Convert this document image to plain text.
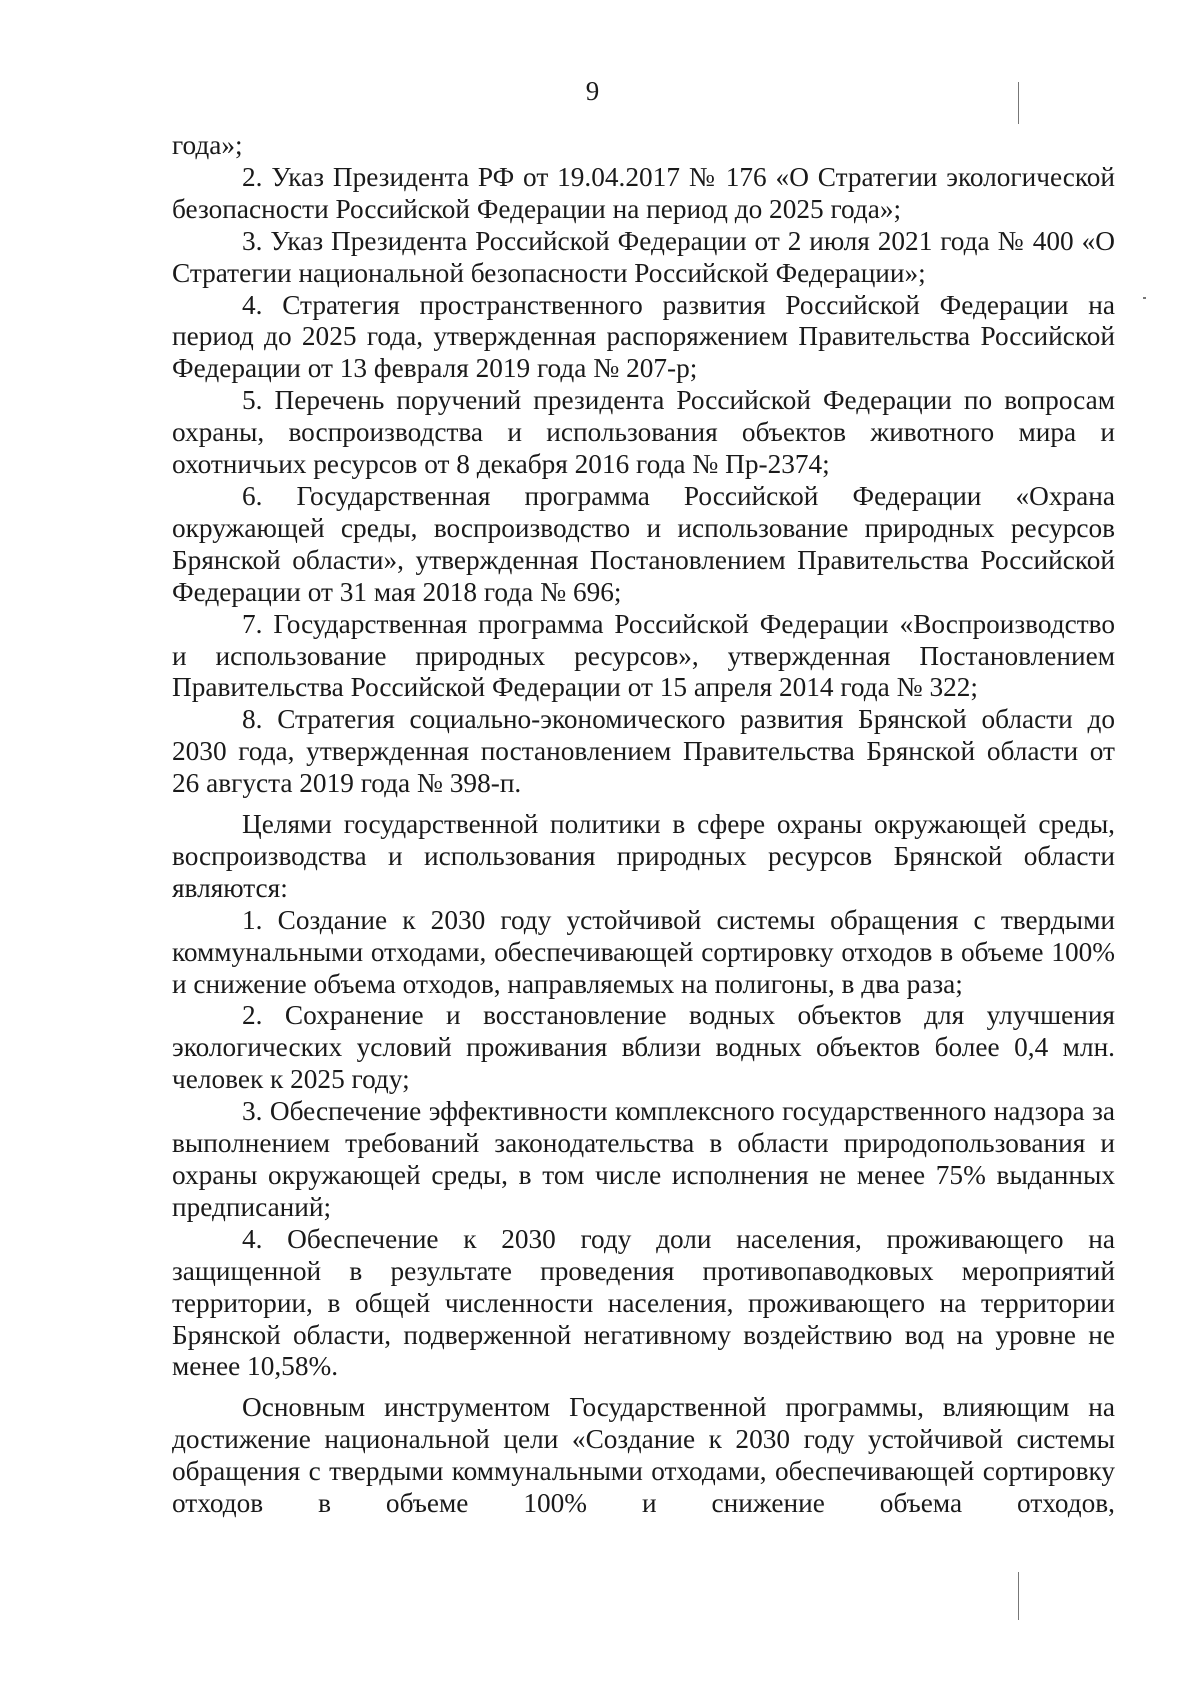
9

года»;

2. Указ Президента РФ от 19.04.2017 № 176 «О Стратегии экологической безопасности Российской Федерации на период до 2025 года»;

3. Указ Президента Российской Федерации от 2 июля 2021 года № 400 «О Стратегии национальной безопасности Российской Федерации»;

4. Стратегия пространственного развития Российской Федерации на период до 2025 года, утвержденная распоряжением Правительства Российской Федерации от 13 февраля 2019 года № 207-р;

5. Перечень поручений президента Российской Федерации по вопросам охраны, воспроизводства и использования объектов животного мира и охотничьих ресурсов от 8 декабря 2016 года № Пр-2374;

6. Государственная программа Российской Федерации «Охрана окружающей среды, воспроизводство и использование природных ресурсов Брянской области», утвержденная Постановлением Правительства Российской Федерации от 31 мая 2018 года № 696;

7. Государственная программа Российской Федерации «Воспроизводство и использование природных ресурсов», утвержденная Постановлением Правительства Российской Федерации от 15 апреля 2014 года № 322;

8. Стратегия социально-экономического развития Брянской области до 2030 года, утвержденная постановлением Правительства Брянской области от 26 августа 2019 года № 398-п.

Целями государственной политики в сфере охраны окружающей среды, воспроизводства и использования природных ресурсов Брянской области являются:

1. Создание к 2030 году устойчивой системы обращения с твердыми коммунальными отходами, обеспечивающей сортировку отходов в объеме 100% и снижение объема отходов, направляемых на полигоны, в два раза;

2. Сохранение и восстановление водных объектов для улучшения экологических условий проживания вблизи водных объектов более 0,4 млн. человек к 2025 году;

3. Обеспечение эффективности комплексного государственного надзора за выполнением требований законодательства в области природопользования и охраны окружающей среды, в том числе исполнения не менее 75% выданных предписаний;

4. Обеспечение к 2030 году доли населения, проживающего на защищенной в результате проведения противопаводковых мероприятий территории, в общей численности населения, проживающего на территории Брянской области, подверженной негативному воздействию вод на уровне не менее 10,58%.

Основным инструментом Государственной программы, влияющим на достижение национальной цели «Создание к 2030 году устойчивой системы обращения с твердыми коммунальными отходами, обеспечивающей сортировку отходов в объеме 100% и снижение объема отходов,
